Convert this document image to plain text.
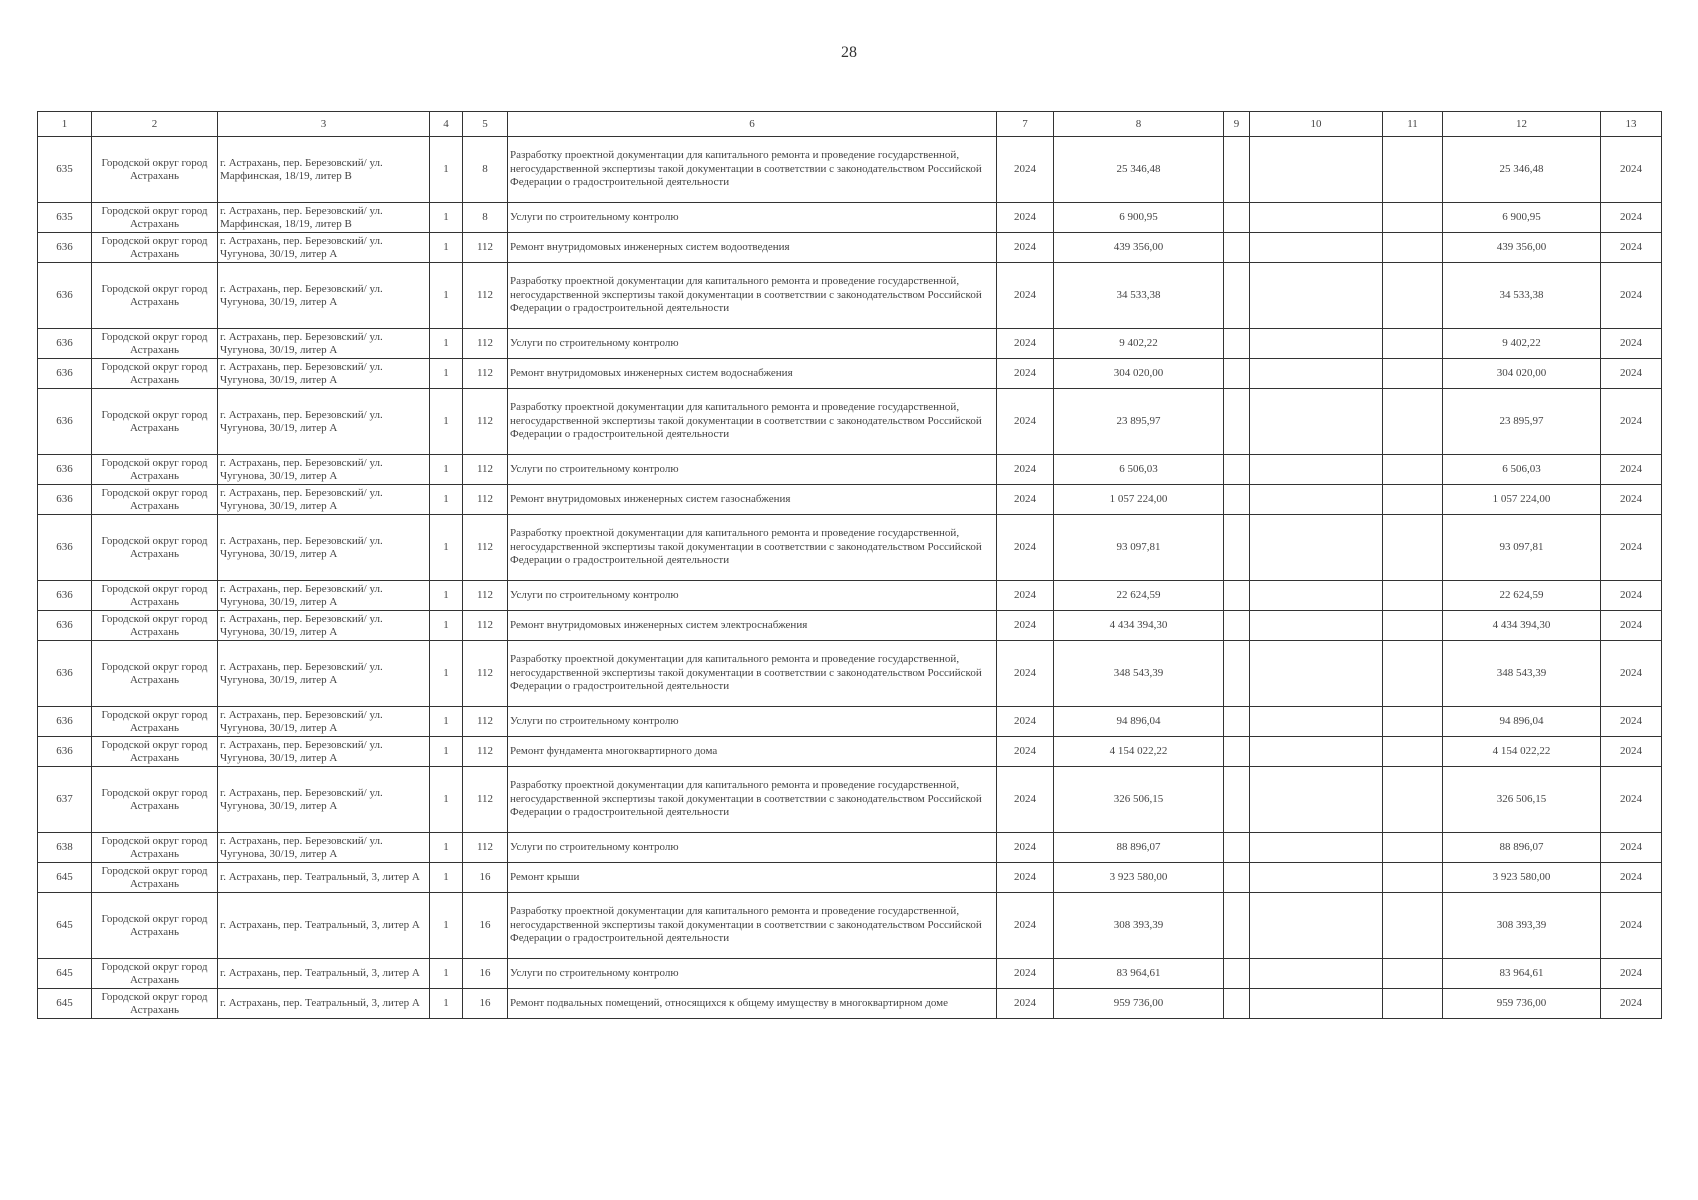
28
1	2	3	4	5	6	7	8	9	10	11	12	13
635	Городской округ город Астрахань	г. Астрахань, пер. Березовский/ ул. Марфинская, 18/19, литер В	1	8	Разработку проектной документации для капитального ремонта и проведение государственной, негосударственной экспертизы такой документации в соответствии с законодательством Российской Федерации о градостроительной деятельности	2024	25 346,48				25 346,48	2024
635	Городской округ город Астрахань	г. Астрахань, пер. Березовский/ ул. Марфинская, 18/19, литер В	1	8	Услуги по строительному контролю	2024	6 900,95				6 900,95	2024
636	Городской округ город Астрахань	г. Астрахань, пер. Березовский/ ул. Чугунова, 30/19, литер А	1	112	Ремонт внутридомовых инженерных систем водоотведения	2024	439 356,00				439 356,00	2024
636	Городской округ город Астрахань	г. Астрахань, пер. Березовский/ ул. Чугунова, 30/19, литер А	1	112	Разработку проектной документации для капитального ремонта и проведение государственной, негосударственной экспертизы такой документации в соответствии с законодательством Российской Федерации о градостроительной деятельности	2024	34 533,38				34 533,38	2024
636	Городской округ город Астрахань	г. Астрахань, пер. Березовский/ ул. Чугунова, 30/19, литер А	1	112	Услуги по строительному контролю	2024	9 402,22				9 402,22	2024
636	Городской округ город Астрахань	г. Астрахань, пер. Березовский/ ул. Чугунова, 30/19, литер А	1	112	Ремонт внутридомовых инженерных систем водоснабжения	2024	304 020,00				304 020,00	2024
636	Городской округ город Астрахань	г. Астрахань, пер. Березовский/ ул. Чугунова, 30/19, литер А	1	112	Разработку проектной документации для капитального ремонта и проведение государственной, негосударственной экспертизы такой документации в соответствии с законодательством Российской Федерации о градостроительной деятельности	2024	23 895,97				23 895,97	2024
636	Городской округ город Астрахань	г. Астрахань, пер. Березовский/ ул. Чугунова, 30/19, литер А	1	112	Услуги по строительному контролю	2024	6 506,03				6 506,03	2024
636	Городской округ город Астрахань	г. Астрахань, пер. Березовский/ ул. Чугунова, 30/19, литер А	1	112	Ремонт внутридомовых инженерных систем газоснабжения	2024	1 057 224,00				1 057 224,00	2024
636	Городской округ город Астрахань	г. Астрахань, пер. Березовский/ ул. Чугунова, 30/19, литер А	1	112	Разработку проектной документации для капитального ремонта и проведение государственной, негосударственной экспертизы такой документации в соответствии с законодательством Российской Федерации о градостроительной деятельности	2024	93 097,81				93 097,81	2024
636	Городской округ город Астрахань	г. Астрахань, пер. Березовский/ ул. Чугунова, 30/19, литер А	1	112	Услуги по строительному контролю	2024	22 624,59				22 624,59	2024
636	Городской округ город Астрахань	г. Астрахань, пер. Березовский/ ул. Чугунова, 30/19, литер А	1	112	Ремонт внутридомовых инженерных систем электроснабжения	2024	4 434 394,30				4 434 394,30	2024
636	Городской округ город Астрахань	г. Астрахань, пер. Березовский/ ул. Чугунова, 30/19, литер А	1	112	Разработку проектной документации для капитального ремонта и проведение государственной, негосударственной экспертизы такой документации в соответствии с законодательством Российской Федерации о градостроительной деятельности	2024	348 543,39				348 543,39	2024
636	Городской округ город Астрахань	г. Астрахань, пер. Березовский/ ул. Чугунова, 30/19, литер А	1	112	Услуги по строительному контролю	2024	94 896,04				94 896,04	2024
636	Городской округ город Астрахань	г. Астрахань, пер. Березовский/ ул. Чугунова, 30/19, литер А	1	112	Ремонт фундамента многоквартирного дома	2024	4 154 022,22				4 154 022,22	2024
637	Городской округ город Астрахань	г. Астрахань, пер. Березовский/ ул. Чугунова, 30/19, литер А	1	112	Разработку проектной документации для капитального ремонта и проведение государственной, негосударственной экспертизы такой документации в соответствии с законодательством Российской Федерации о градостроительной деятельности	2024	326 506,15				326 506,15	2024
638	Городской округ город Астрахань	г. Астрахань, пер. Березовский/ ул. Чугунова, 30/19, литер А	1	112	Услуги по строительному контролю	2024	88 896,07				88 896,07	2024
645	Городской округ город Астрахань	г. Астрахань, пер. Театральный, 3, литер А	1	16	Ремонт крыши	2024	3 923 580,00				3 923 580,00	2024
645	Городской округ город Астрахань	г. Астрахань, пер. Театральный, 3, литер А	1	16	Разработку проектной документации для капитального ремонта и проведение государственной, негосударственной экспертизы такой документации в соответствии с законодательством Российской Федерации о градостроительной деятельности	2024	308 393,39				308 393,39	2024
645	Городской округ город Астрахань	г. Астрахань, пер. Театральный, 3, литер А	1	16	Услуги по строительному контролю	2024	83 964,61				83 964,61	2024
645	Городской округ город Астрахань	г. Астрахань, пер. Театральный, 3, литер А	1	16	Ремонт подвальных помещений, относящихся к общему имуществу в многоквартирном доме	2024	959 736,00				959 736,00	2024
